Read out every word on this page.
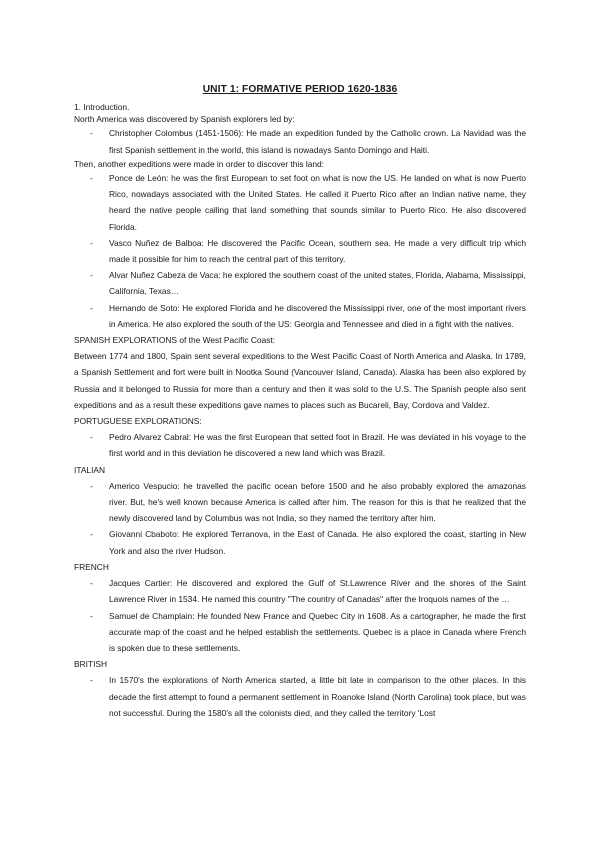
UNIT 1: FORMATIVE PERIOD 1620-1836

1. Introduction.

North America was discovered by Spanish explorers led by:

-	Christopher Colombus (1451-1506): He made an expedition funded by the Catholic crown. La Navidad was the first Spanish settlement in the world, this island is nowadays Santo Domingo and Haiti.

Then, another expeditions were made in order to discover this land:

-	Ponce de León: he was the first European to set foot on what is now the US. He landed on what is now Puerto Rico, nowadays associated with the United States. He called it Puerto Rico after an Indian native name, they heard the native people calling that land something that sounds similar to Puerto Rico. He also discovered Florida.
-	Vasco Nuñez de Balboa: He discovered the Pacific Ocean, southern sea. He made a very difficult trip which made it possible for him to reach the central part of this territory.
-	Alvar Nuñez Cabeza de Vaca: he explored the southern coast of the united states, Florida, Alabama, Mississippi, California, Texas…
-	Hernando de Soto: He explored Florida and he discovered the Mississippi river, one of the most important rivers in America. He also explored the south of the US: Georgia and Tennessee and died in a fight with the natives.

SPANISH EXPLORATIONS of the West Pacific Coast:

Between 1774 and 1800, Spain sent several expeditions to the West Pacific Coast of North America and Alaska. In 1789, a Spanish Settlement and fort were built in Nootka Sound (Vancouver Island, Canada). Alaska has been also explored by Russia and it belonged to Russia for more than a century and then it was sold to the U.S. The Spanish people also sent expeditions and as a result these expeditions gave names to places such as Bucareli, Bay, Cordova and Valdez.

PORTUGUESE EXPLORATIONS:

-	Pedro Alvarez Cabral: He was the first European that setted foot in Brazil. He was deviated in his voyage to the first world and in this deviation he discovered a new land which was Brazil.

ITALIAN

-	Americo Vespucio: he travelled the pacific ocean before 1500 and he also probably explored the amazonas river. But, he's well known because America is called after him. The reason for this is that he realized that the newly discovered land by Columbus was not India, so they named the territory after him.
-	Giovanni Cbaboto: He explored Terranova, in the East of Canada. He also explored the coast, starting in New York and also the river Hudson.

FRENCH

-	Jacques Cartier: He discovered and explored the Gulf of St.Lawrence River and the shores of the Saint Lawrence River in 1534. He named this country "The country of Canadas" after the Iroquois names of the …
-	Samuel de Champlain: He founded New France and Quebec City in 1608. As a cartographer, he made the first accurate map of the coast and he helped establish the settlements. Quebec is a place in Canada where French is spoken due to these settlements.

BRITISH

-	In 1570's the explorations of North America started, a little bit late in comparison to the other places. In this decade the first attempt to found a permanent settlement in Roanoke Island (North Carolina) took place, but was not successful. During the 1580's all the colonists died, and they called the territory 'Lost
